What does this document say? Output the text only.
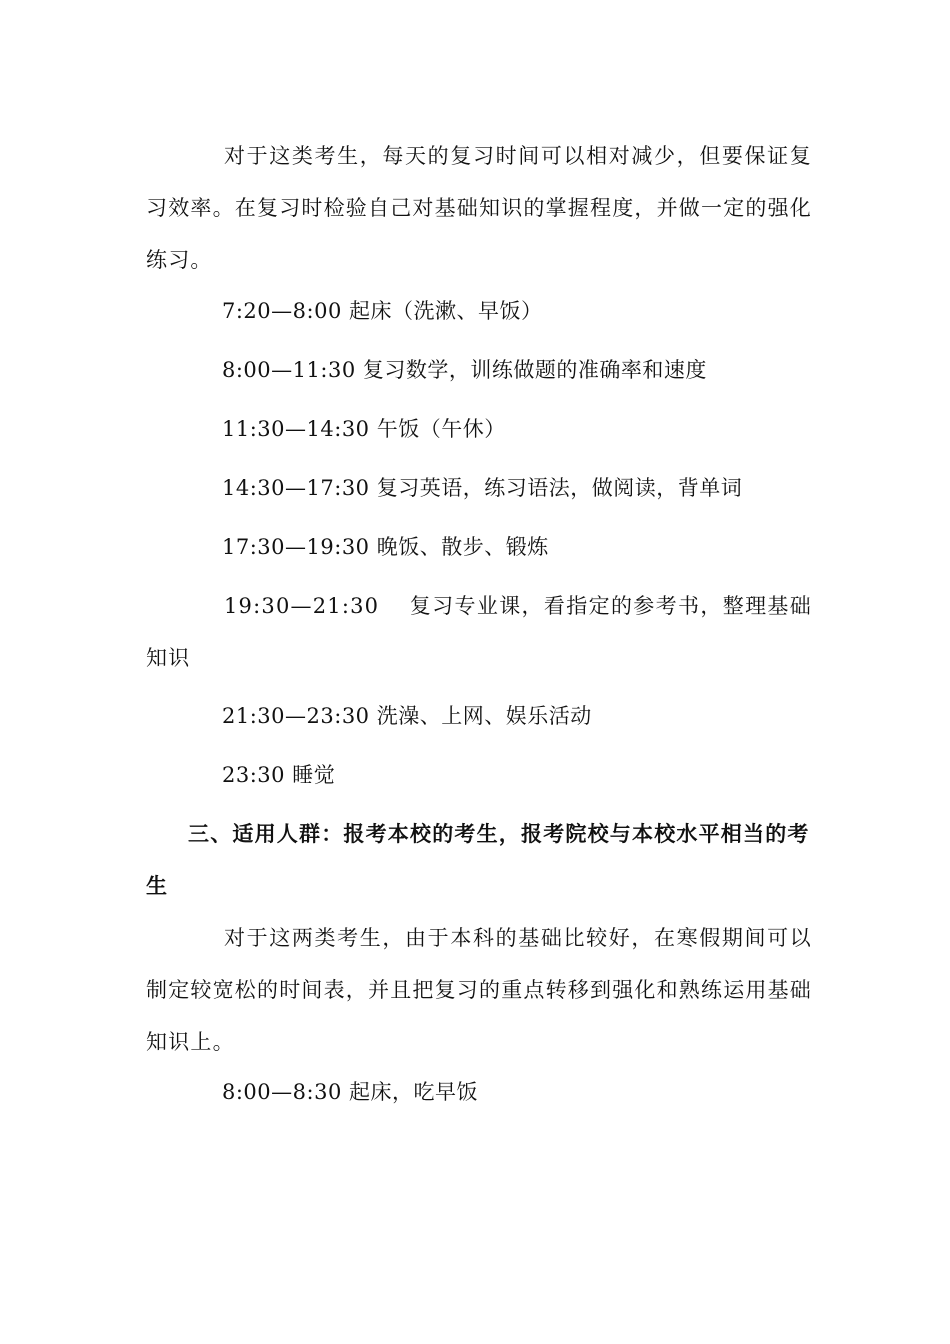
对于这类考生，每天的复习时间可以相对减少，但要保证复习效率。在复习时检验自己对基础知识的掌握程度，并做一定的强化练习。
7:20—8:00 起床（洗漱、早饭）
8:00—11:30 复习数学，训练做题的准确率和速度
11:30—14:30 午饭（午休）
14:30—17:30 复习英语，练习语法，做阅读，背单词
17:30—19:30 晚饭、散步、锻炼
19:30—21:30　 复习专业课，看指定的参考书，整理基础知识
21:30—23:30 洗澡、上网、娱乐活动
23:30 睡觉
三、适用人群：报考本校的考生，报考院校与本校水平相当的考生
对于这两类考生，由于本科的基础比较好，在寒假期间可以制定较宽松的时间表，并且把复习的重点转移到强化和熟练运用基础知识上。
8:00—8:30 起床，吃早饭
